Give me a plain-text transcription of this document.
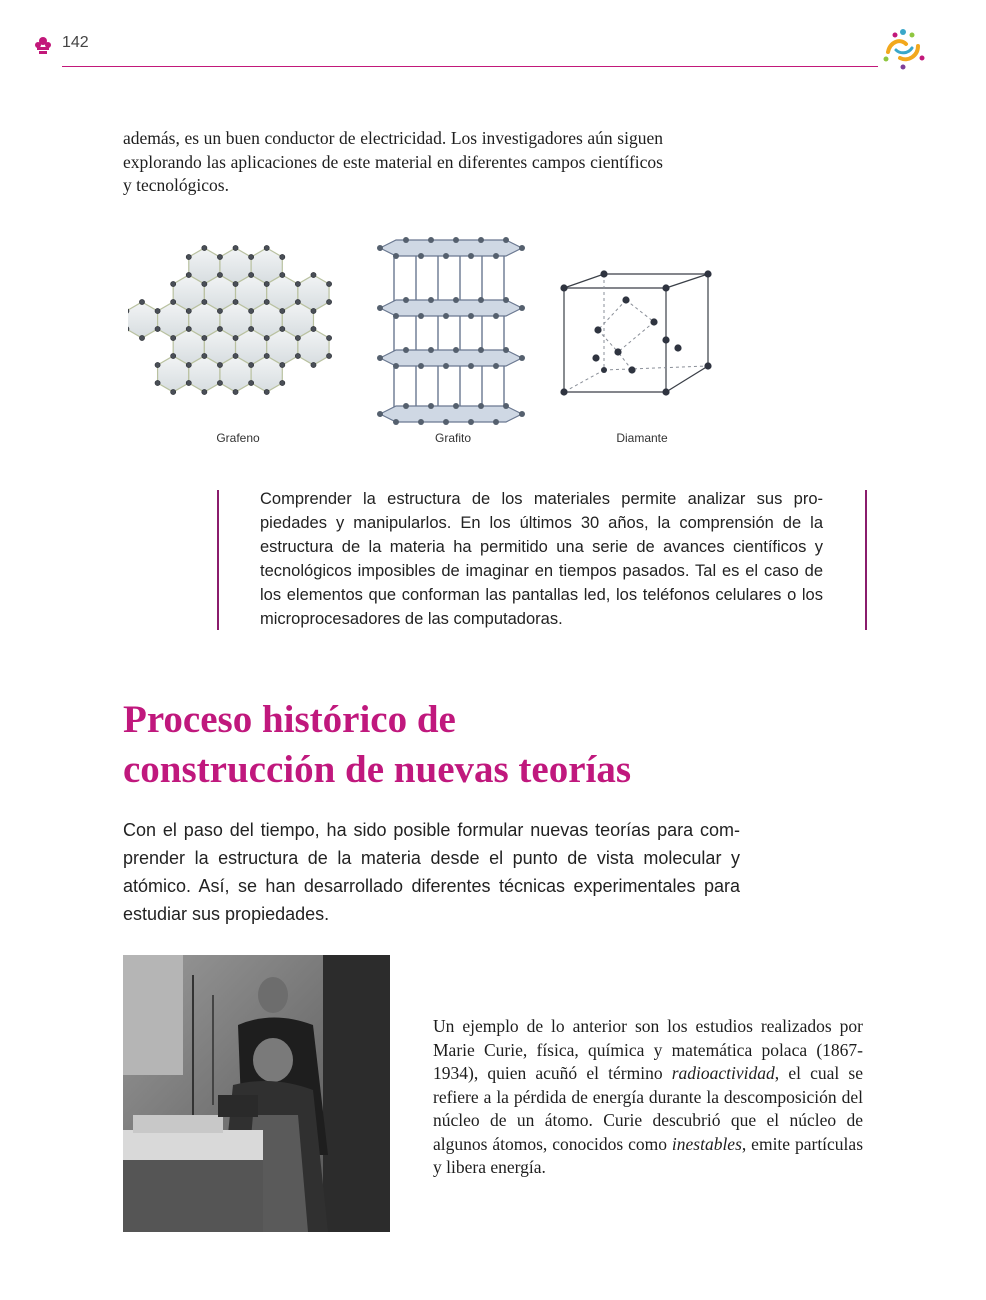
142

además, es un buen conductor de electricidad. Los investigadores aún siguen explorando las aplicaciones de este material en diferentes campos científicos y tecnológicos.

Grafeno	Grafito	Diamante

Comprender la estructura de los materiales permite analizar sus propiedades y manipularlos. En los últimos 30 años, la comprensión de la estructura de la materia ha permitido una serie de avances científicos y tecnológicos imposibles de imaginar en tiempos pasados. Tal es el caso de los elementos que conforman las pantallas led, los teléfonos celulares o los microprocesadores de las computadoras.

Proceso histórico de
construcción de nuevas teorías

Con el paso del tiempo, ha sido posible formular nuevas teorías para comprender la estructura de la materia desde el punto de vista molecular y atómico. Así, se han desarrollado diferentes técnicas experimentales para estudiar sus propiedades.

Un ejemplo de lo anterior son los estudios realizados por Marie Curie, física, química y matemática polaca (1867-1934), quien acuñó el término radioactividad, el cual se refiere a la pérdida de energía durante la descomposición del núcleo de un átomo. Curie descubrió que el núcleo de algunos átomos, conocidos como inestables, emite partículas y libera energía.
